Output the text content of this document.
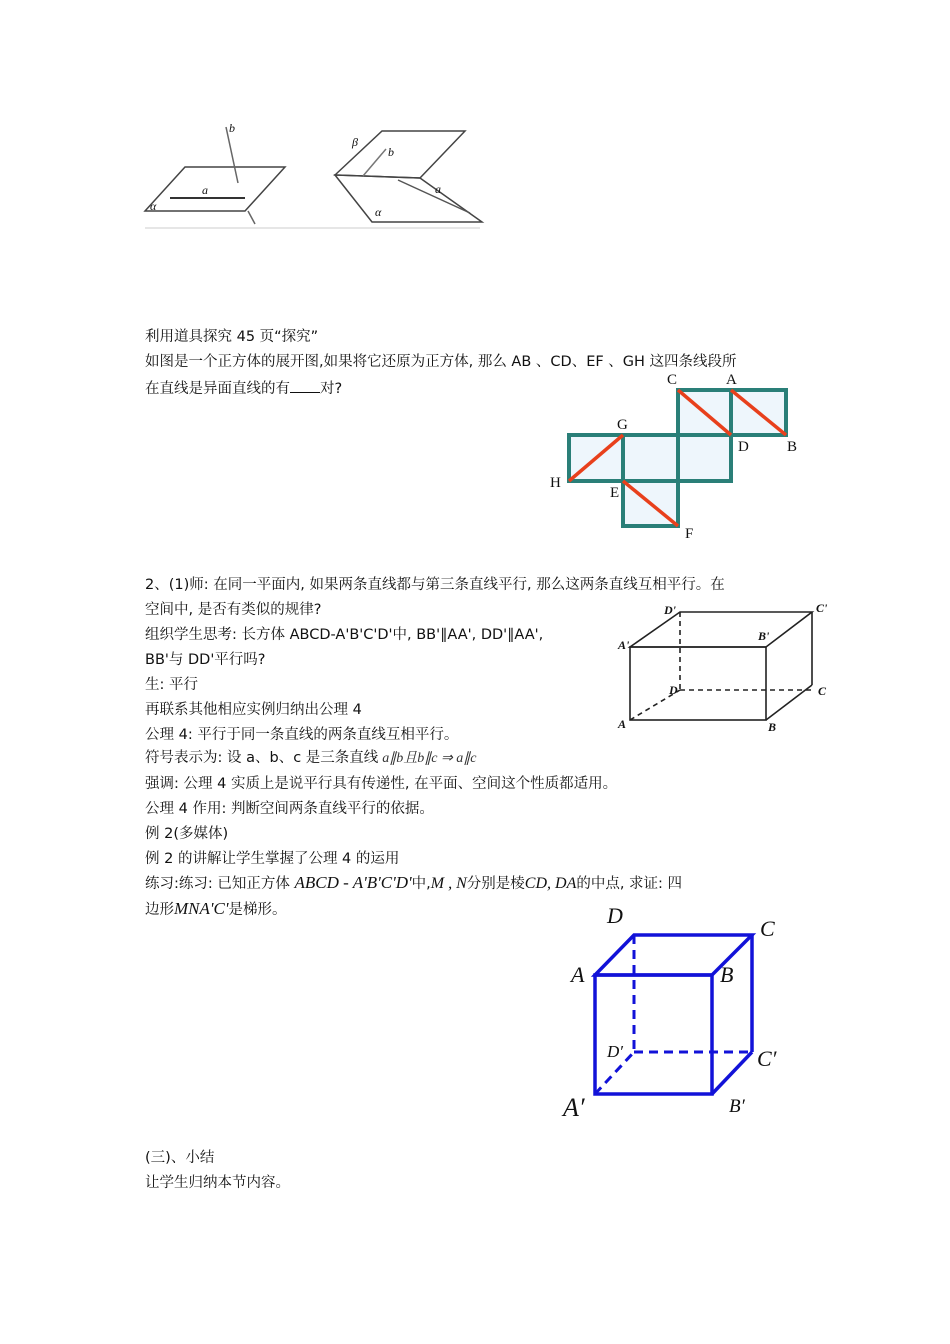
α
a
b
α
β
a
b
利用道具探究 45 页“探究”
如图是一个正方体的展开图,如果将它还原为正方体, 那么 AB 、CD、EF 、GH 这四条线段所
在直线是异面直线的有 对?
C	A
G
D	B
H
E
F
2、(1)师: 在同一平面内, 如果两条直线都与第三条直线平行, 那么这两条直线互相平行。在
空间中, 是否有类似的规律?
组织学生思考: 长方体 ABCD-A'B'C'D'中, BB'∥AA', DD'∥AA',
BB'与 DD'平行吗?
生: 平行
再联系其他相应实例归纳出公理 4
公理 4: 平行于同一条直线的两条直线互相平行。
符号表示为: 设 a、b、c 是三条直线 a∥b且b∥c ⇒ a∥c
强调: 公理 4 实质上是说平行具有传递性, 在平面、空间这个性质都适用。
公理 4 作用: 判断空间两条直线平行的依据。
例 2(多媒体)
例 2 的讲解让学生掌握了公理 4 的运用
练习:练习: 已知正方体 ABCD - A'B'C'D'中,M , N分别是棱CD, DA的中点, 求证: 四
边形MNA'C'是梯形。
D'	C'
A'
B'
D	C
A	B
D
C
A	B
D′	C′
A′	B′
(三)、小结
让学生归纳本节内容。
